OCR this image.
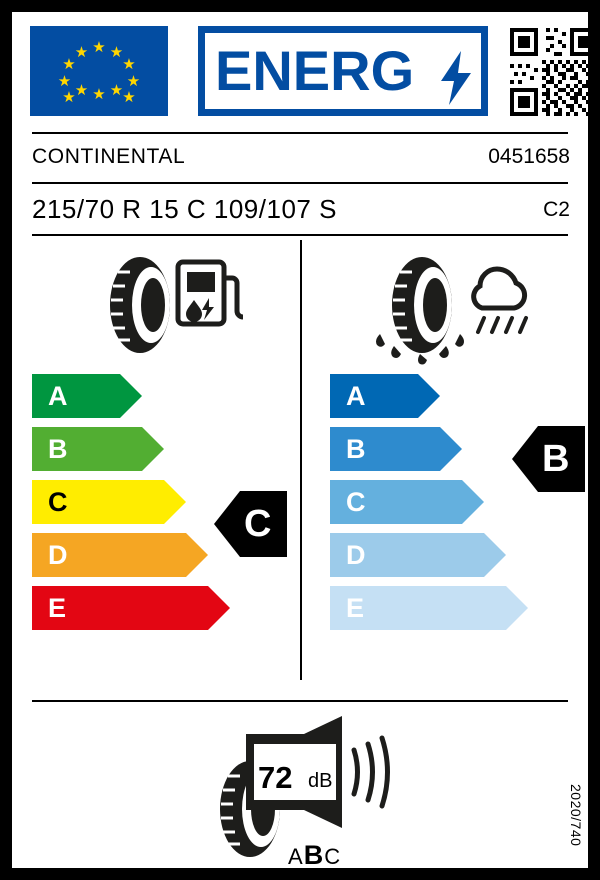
★
★ ★
★	★
★	★
★	★
★ ★
★ ENERG
CONTINENTAL	0451658
215/70 R 15 C 109/107 S	C2
A
B
C
D
E
C
A
B
C
D
E
B
72 dB
ABC
2020/740
